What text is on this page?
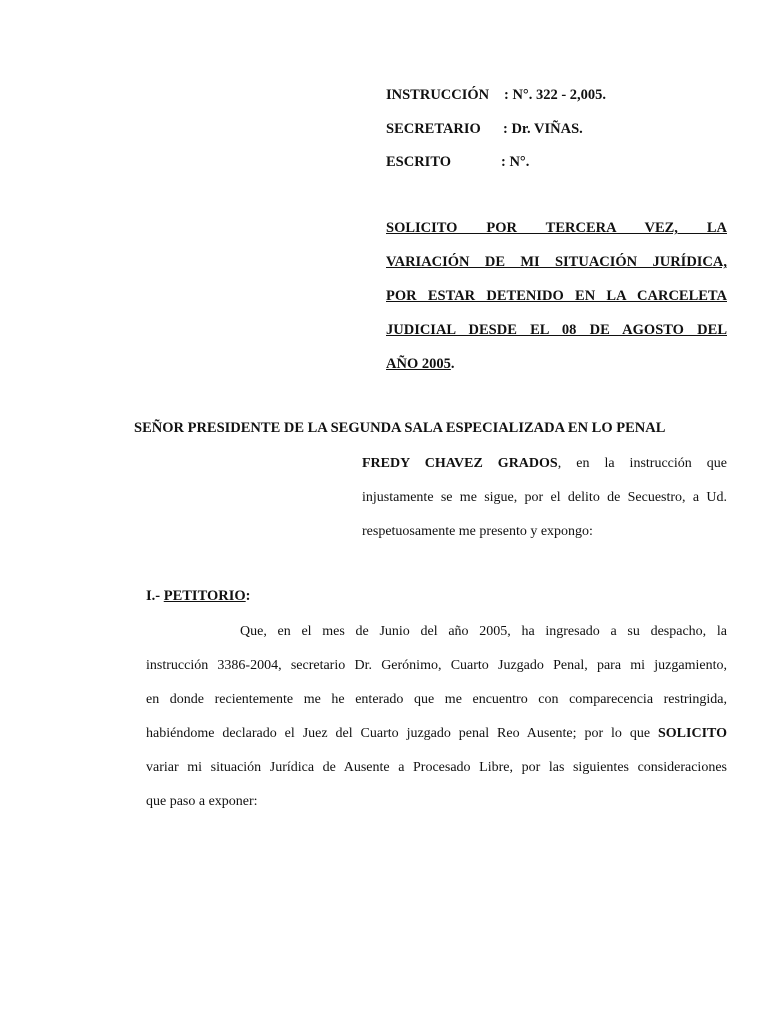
INSTRUCCIÓN : N°. 322 - 2,005.
SECRETARIO : Dr. VIÑAS.
ESCRITO	: N°.
SOLICITO POR TERCERA VEZ, LA
VARIACIÓN DE MI SITUACIÓN JURÍDICA,
POR ESTAR DETENIDO EN LA CARCELETA
JUDICIAL DESDE EL 08 DE AGOSTO DEL
AÑO 2005.
SEÑOR PRESIDENTE DE LA SEGUNDA SALA ESPECIALIZADA EN LO PENAL
FREDY CHAVEZ GRADOS, en la instrucción que
injustamente se me sigue, por el delito de Secuestro, a Ud.
respetuosamente me presento y expongo:
I.- PETITORIO:
Que, en el mes de Junio del año 2005, ha ingresado a su despacho, la
instrucción 3386-2004, secretario Dr. Gerónimo, Cuarto Juzgado Penal, para mi juzgamiento,
en donde recientemente me he enterado que me encuentro con comparecencia restringida,
habiéndome declarado el Juez del Cuarto juzgado penal Reo Ausente; por lo que SOLICITO
variar mi situación Jurídica de Ausente a Procesado Libre, por las siguientes consideraciones
que paso a exponer:
